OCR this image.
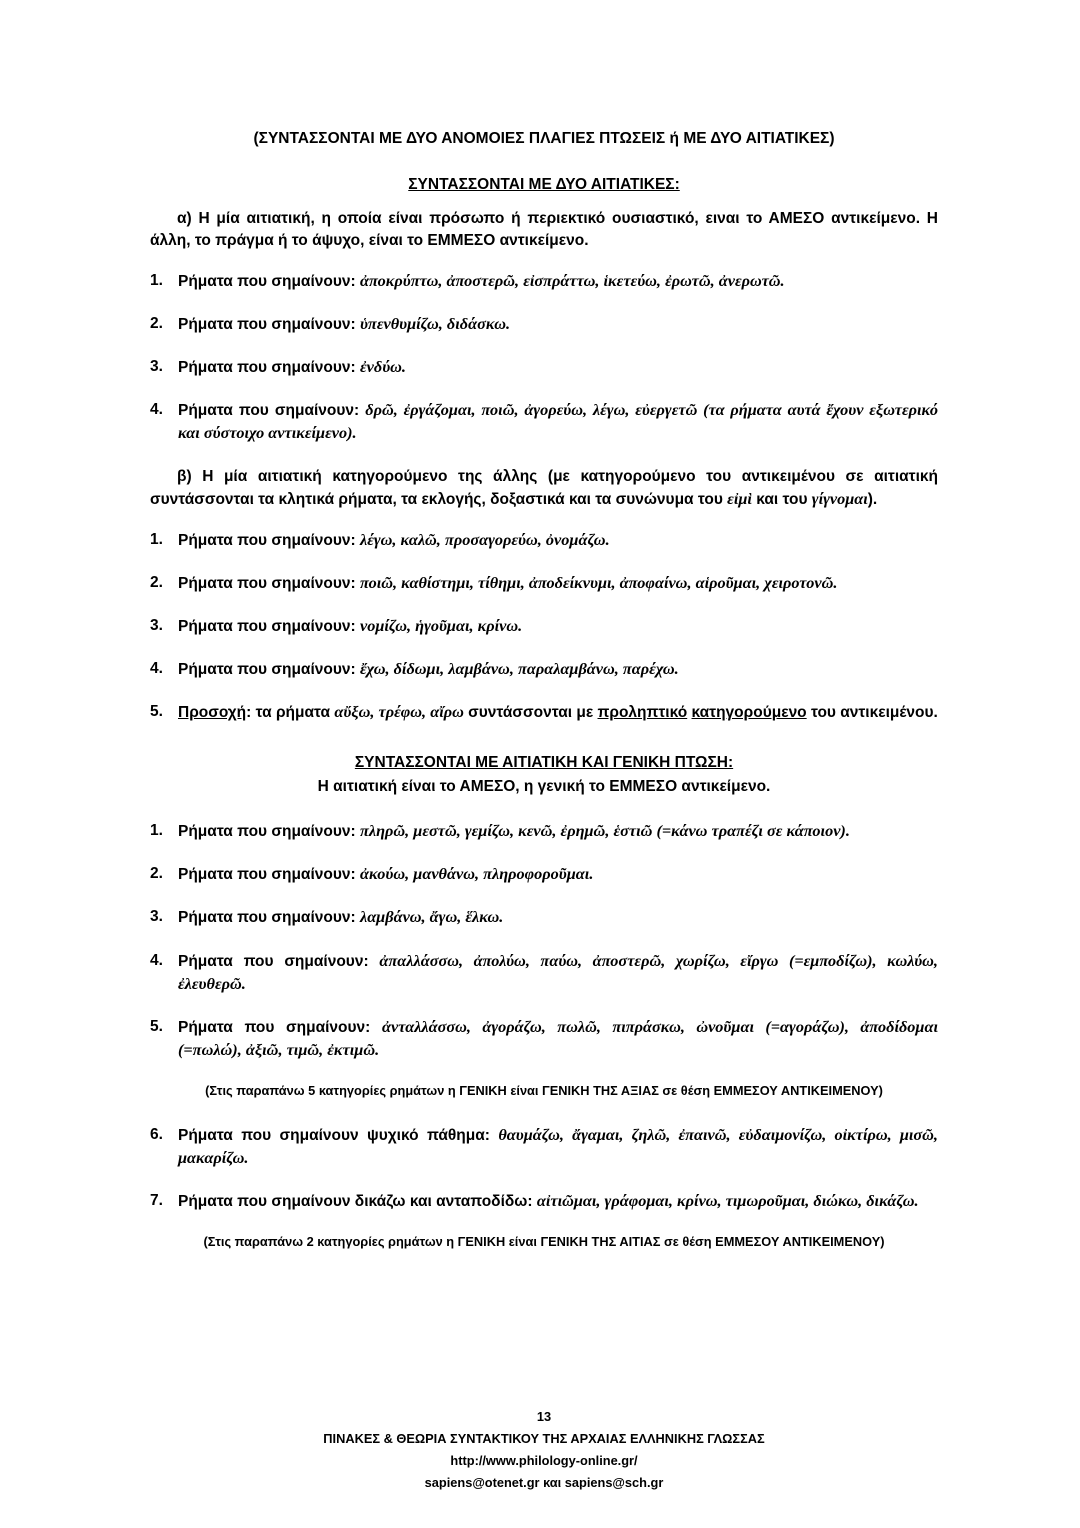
(ΣΥΝΤΑΣΣΟΝΤΑΙ ΜΕ ΔΥΟ ΑΝΟΜΟΙΕΣ ΠΛΑΓΙΕΣ ΠΤΩΣΕΙΣ ή ΜΕ ΔΥΟ ΑΙΤΙΑΤΙΚΕΣ)
ΣΥΝΤΑΣΣΟΝΤΑΙ ΜΕ ΔΥΟ ΑΙΤΙΑΤΙΚΕΣ:

α) Η μία αιτιατική, η οποία είναι πρόσωπο ή περιεκτικό ουσιαστικό, ειναι το ΑΜΕΣΟ αντικείμενο. Η άλλη, το πράγμα ή το άψυχο, είναι το ΕΜΜΕΣΟ αντικείμενο.

1. Ρήματα που σημαίνουν: ἀποκρύπτω, ἀποστερῶ, εἰσπράττω, ἱκετεύω, ἐρωτῶ, ἀνερωτῶ.
2. Ρήματα που σημαίνουν: ὑπενθυμίζω, διδάσκω.
3. Ρήματα που σημαίνουν: ἐνδύω.
4. Ρήματα που σημαίνουν: δρῶ, ἐργάζομαι, ποιῶ, ἀγορεύω, λέγω, εὐεργετῶ (τα ρήματα αυτά ἔχουν εξωτερικό και σύστοιχο αντικείμενο).

β) Η μία αιτιατική κατηγορούμενο της άλλης (με κατηγορούμενο του αντικειμένου σε αιτιατική συντάσσονται τα κλητικά ρήματα, τα εκλογής, δοξαστικά και τα συνώνυμα του εἰμὶ και του γίγνομαι).

1. Ρήματα που σημαίνουν: λέγω, καλῶ, προσαγορεύω, ὀνομάζω.
2. Ρήματα που σημαίνουν: ποιῶ, καθίστημι, τίθημι, ἀποδείκνυμι, ἀποφαίνω, αἱροῦμαι, χειροτονῶ.
3. Ρήματα που σημαίνουν: νομίζω, ἡγοῦμαι, κρίνω.
4. Ρήματα που σημαίνουν: ἔχω, δίδωμι, λαμβάνω, παραλαμβάνω, παρέχω.
5. Προσοχή: τα ρήματα αὔξω, τρέφω, αἴρω συντάσσονται με προληπτικό κατηγορούμενο του αντικειμένου.
ΣΥΝΤΑΣΣΟΝΤΑΙ ΜΕ ΑΙΤΙΑΤΙΚΗ ΚΑΙ ΓΕΝΙΚΗ ΠΤΩΣΗ:
Η αιτιατική είναι το ΑΜΕΣΟ, η γενική το ΕΜΜΕΣΟ αντικείμενο.
1. Ρήματα που σημαίνουν: πληρῶ, μεστῶ, γεμίζω, κενῶ, ἐρημῶ, ἑστιῶ (=κάνω τραπέζι σε κάποιον).
2. Ρήματα που σημαίνουν: ἀκούω, μανθάνω, πληροφοροῦμαι.
3. Ρήματα που σημαίνουν: λαμβάνω, ἄγω, ἕλκω.
4. Ρήματα που σημαίνουν: ἀπαλλάσσω, ἀπολύω, παύω, ἀποστερῶ, χωρίζω, εἴργω (=εμποδίζω), κωλύω, ἐλευθερῶ.
5. Ρήματα που σημαίνουν: ἀνταλλάσσω, ἀγοράζω, πωλῶ, πιπράσκω, ὠνοῦμαι (=αγοράζω), ἀποδίδομαι (=πωλώ), ἀξιῶ, τιμῶ, ἐκτιμῶ.
(Στις παραπάνω 5 κατηγορίες ρημάτων η ΓΕΝΙΚΗ είναι ΓΕΝΙΚΗ ΤΗΣ ΑΞΙΑΣ σε θέση ΕΜΜΕΣΟΥ ΑΝΤΙΚΕΙΜΕΝΟΥ)
6. Ρήματα που σημαίνουν ψυχικό πάθημα: θαυμάζω, ἄγαμαι, ζηλῶ, ἐπαινῶ, εὐδαιμονίζω, οἰκτίρω, μισῶ, μακαρίζω.
7. Ρήματα που σημαίνουν δικάζω και ανταποδίδω: αἰτιῶμαι, γράφομαι, κρίνω, τιμωροῦμαι, διώκω, δικάζω.
(Στις παραπάνω 2 κατηγορίες ρημάτων η ΓΕΝΙΚΗ είναι ΓΕΝΙΚΗ ΤΗΣ ΑΙΤΙΑΣ σε θέση ΕΜΜΕΣΟΥ ΑΝΤΙΚΕΙΜΕΝΟΥ)
13
ΠΙΝΑΚΕΣ & ΘΕΩΡΙΑ ΣΥΝΤΑΚΤΙΚΟΥ ΤΗΣ ΑΡΧΑΙΑΣ ΕΛΛΗΝΙΚΗΣ ΓΛΩΣΣΑΣ
http://www.philology-online.gr/
sapiens@otenet.gr και sapiens@sch.gr
